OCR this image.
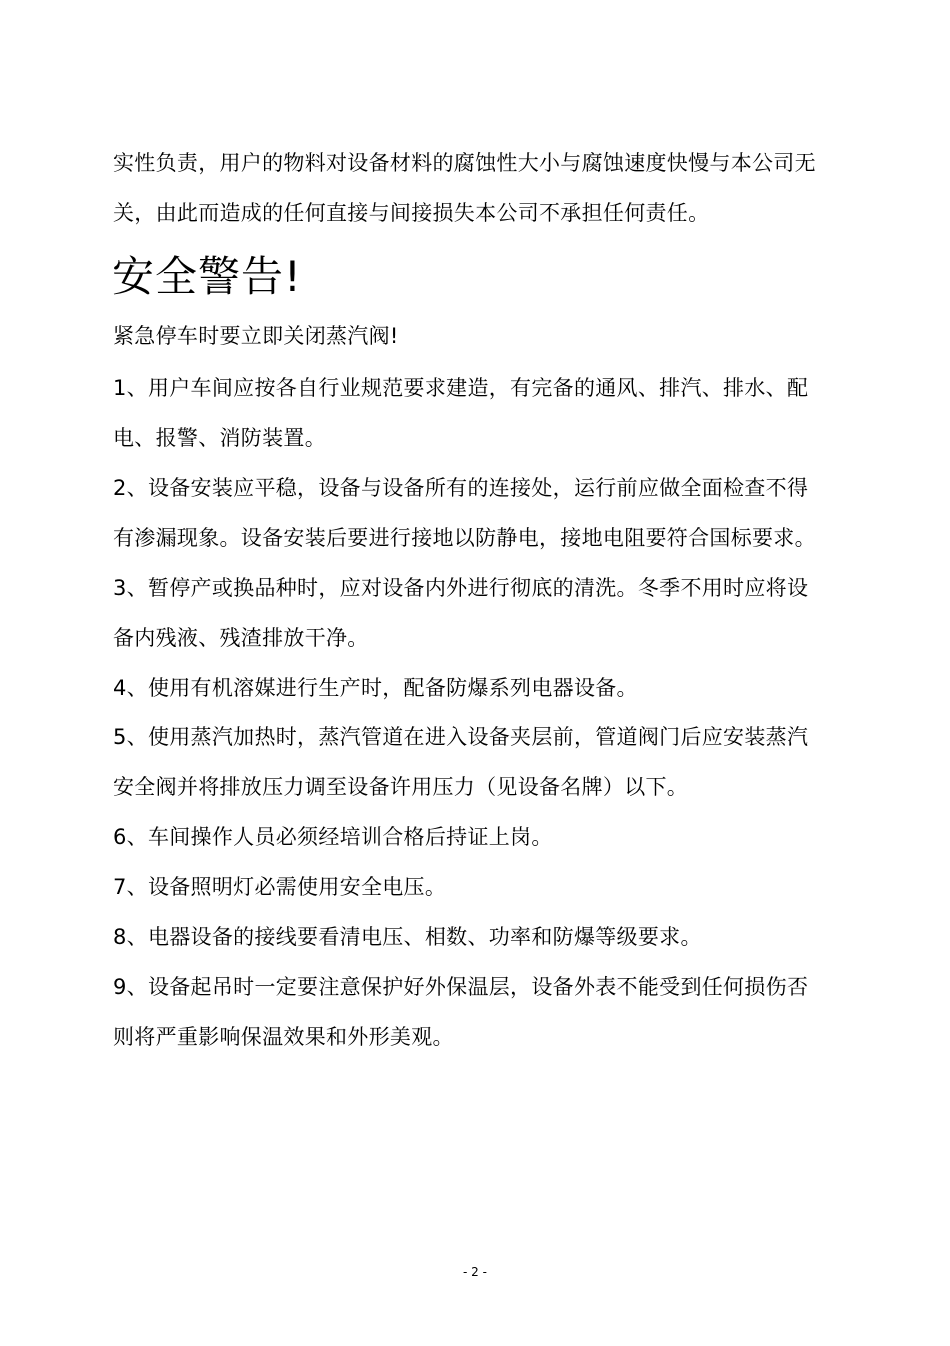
实性负责，用户的物料对设备材料的腐蚀性大小与腐蚀速度快慢与本公司无
关，由此而造成的任何直接与间接损失本公司不承担任何责任。
安全警告!
紧急停车时要立即关闭蒸汽阀!
1、用户车间应按各自行业规范要求建造，有完备的通风、排汽、排水、配
电、报警、消防装置。
2、设备安装应平稳，设备与设备所有的连接处，运行前应做全面检查不得
有渗漏现象。设备安装后要进行接地以防静电，接地电阻要符合国标要求。
3、暂停产或换品种时，应对设备内外进行彻底的清洗。冬季不用时应将设
备内残液、残渣排放干净。
4、使用有机溶媒进行生产时，配备防爆系列电器设备。
5、使用蒸汽加热时，蒸汽管道在进入设备夹层前，管道阀门后应安装蒸汽
安全阀并将排放压力调至设备许用压力（见设备名牌）以下。
6、车间操作人员必须经培训合格后持证上岗。
7、设备照明灯必需使用安全电压。
8、电器设备的接线要看清电压、相数、功率和防爆等级要求。
9、设备起吊时一定要注意保护好外保温层，设备外表不能受到任何损伤否
则将严重影响保温效果和外形美观。
- 2 -
